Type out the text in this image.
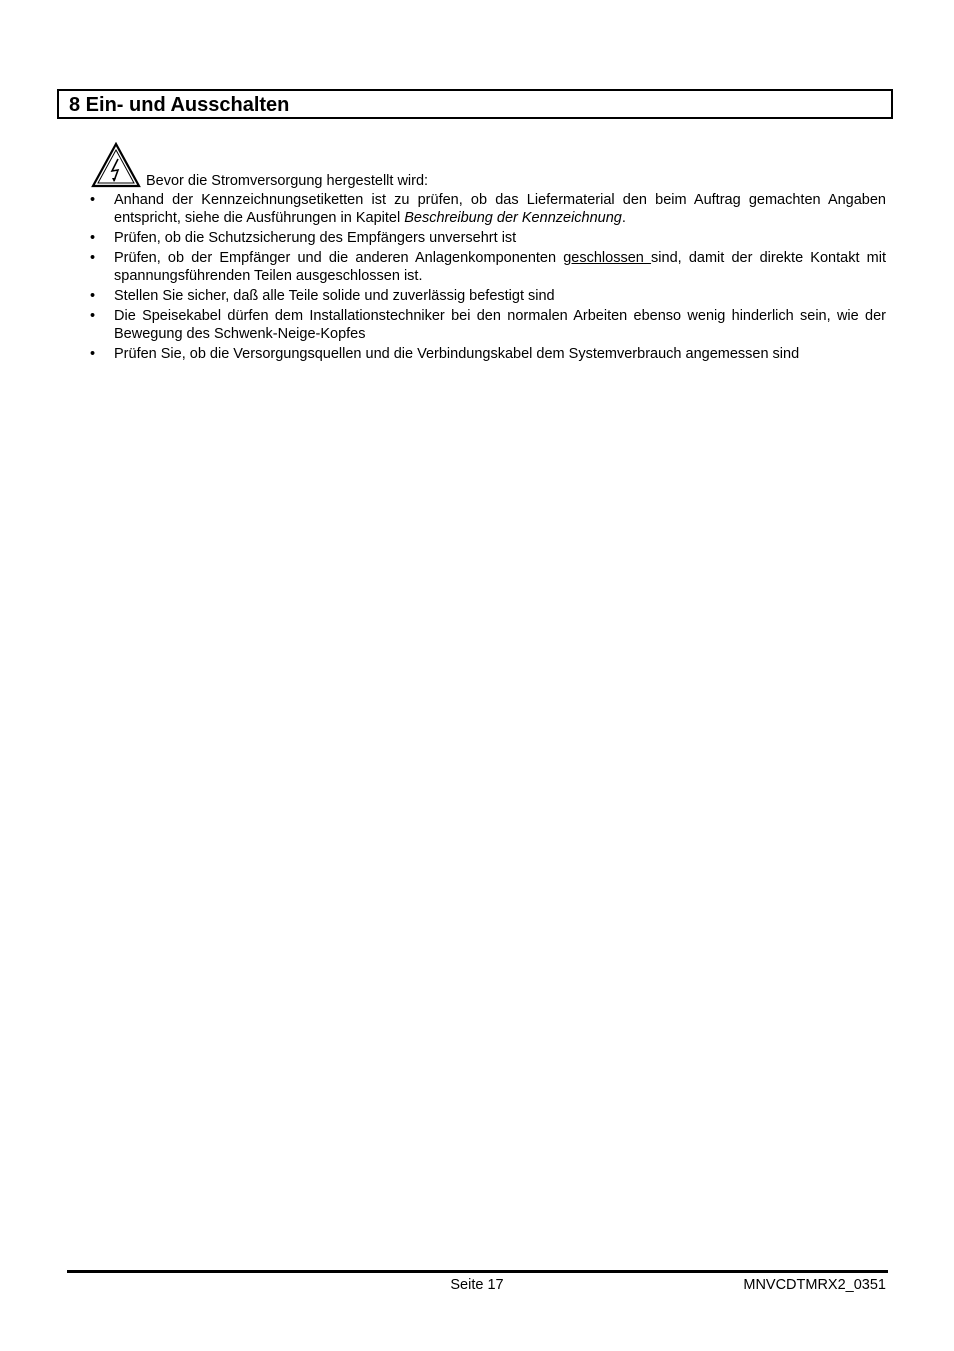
8 Ein- und Ausschalten
Bevor die Stromversorgung hergestellt wird:
• Anhand der Kennzeichnungsetiketten ist zu prüfen, ob das Liefermaterial den beim Auftrag gemachten Angaben entspricht, siehe die Ausführungen in Kapitel Beschreibung der Kennzeichnung.
• Prüfen, ob die Schutzsicherung des Empfängers unversehrt ist
• Prüfen, ob der Empfänger und die anderen Anlagenkomponenten geschlossen sind, damit der direkte Kontakt mit spannungsführenden Teilen ausgeschlossen ist.
• Stellen Sie sicher, daß alle Teile solide und zuverlässig befestigt sind
• Die Speisekabel dürfen dem Installationstechniker bei den normalen Arbeiten ebenso wenig hinderlich sein, wie der Bewegung des Schwenk-Neige-Kopfes
• Prüfen Sie, ob die Versorgungsquellen und die Verbindungskabel dem Systemverbrauch angemessen sind
Seite 17	MNVCDTMRX2_0351
